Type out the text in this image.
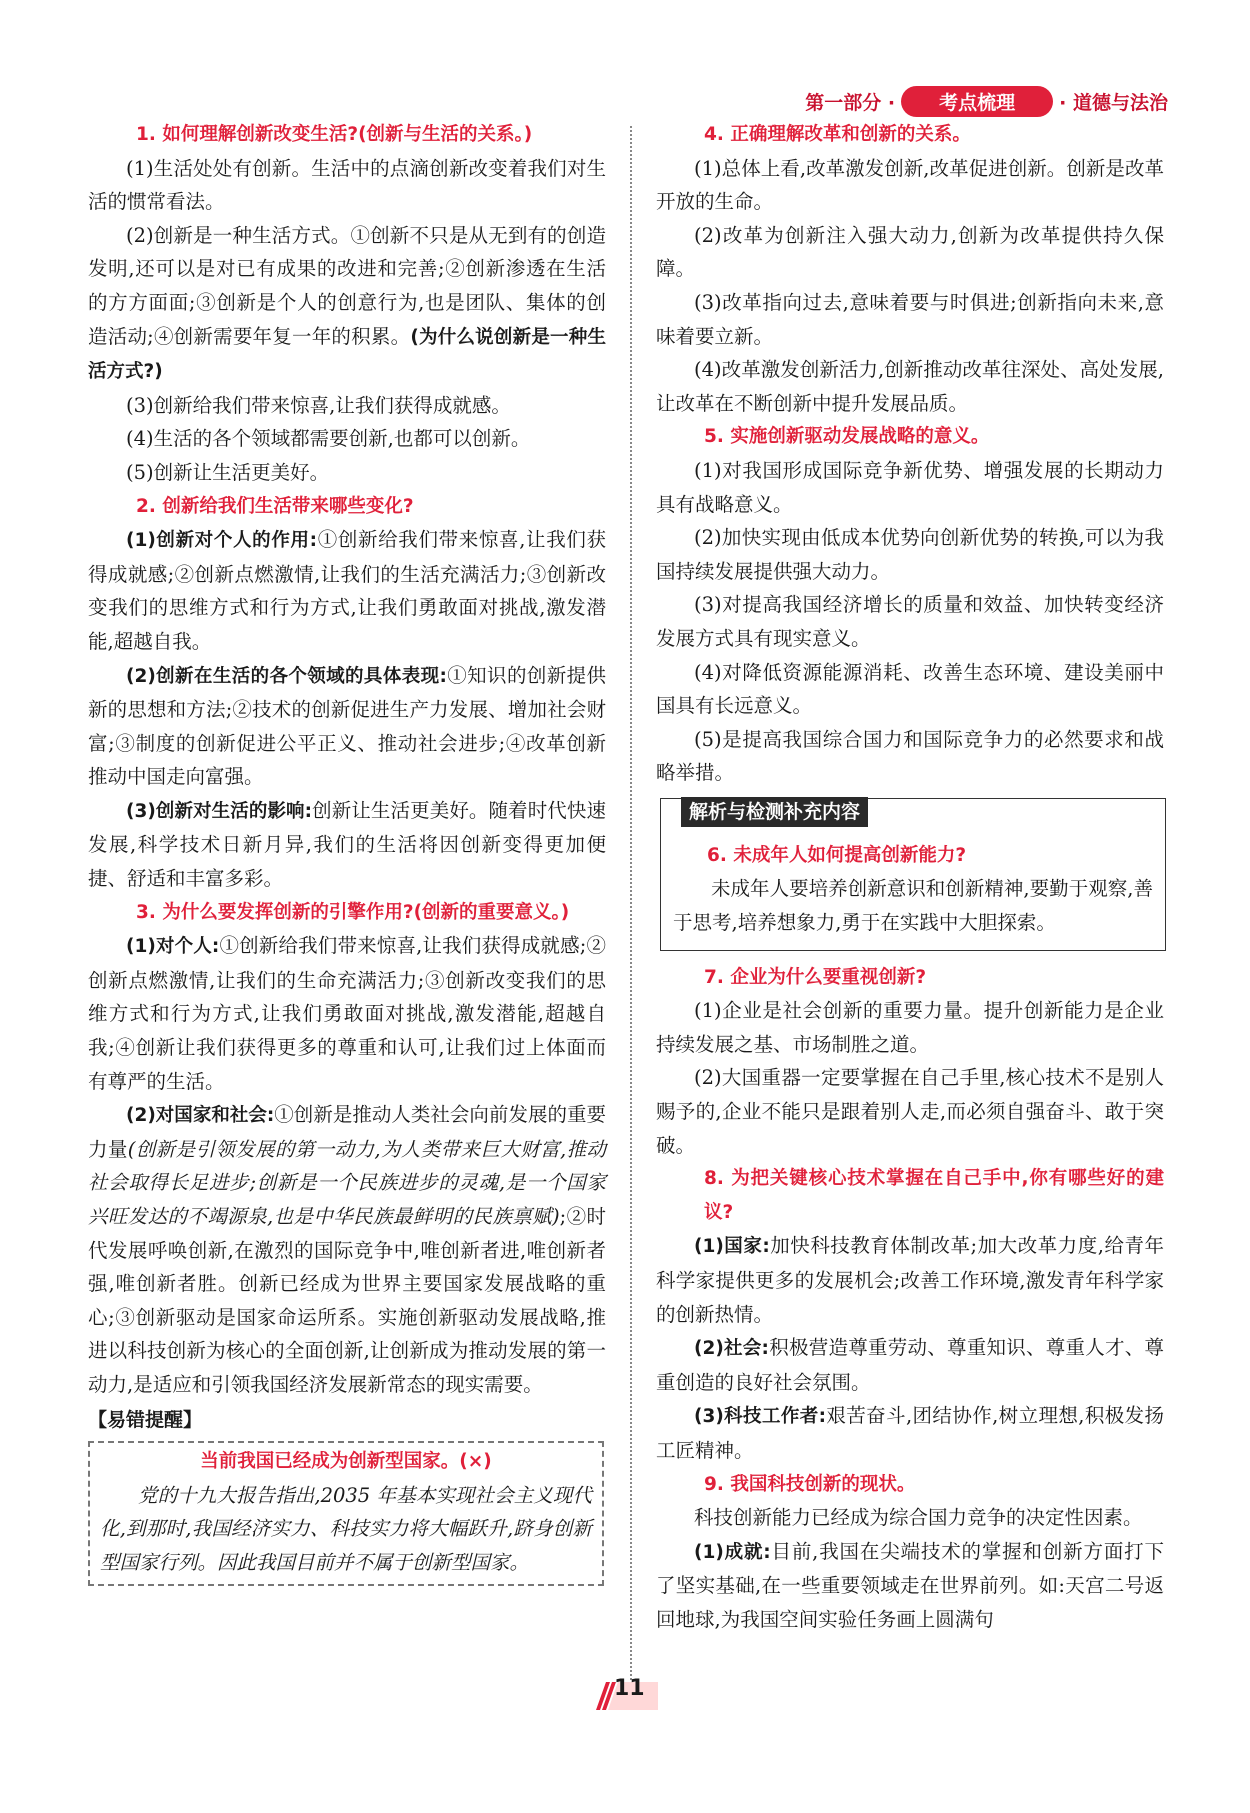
第一部分 ·	考点梳理	· 道德与法治
1. 如何理解创新改变生活?(创新与生活的关系。)

(1)生活处处有创新。生活中的点滴创新改变着我们对生活的惯常看法。

(2)创新是一种生活方式。①创新不只是从无到有的创造发明,还可以是对已有成果的改进和完善;②创新渗透在生活的方方面面;③创新是个人的创意行为,也是团队、集体的创造活动;④创新需要年复一年的积累。(为什么说创新是一种生活方式?)

(3)创新给我们带来惊喜,让我们获得成就感。

(4)生活的各个领域都需要创新,也都可以创新。

(5)创新让生活更美好。

2. 创新给我们生活带来哪些变化?

(1)创新对个人的作用:①创新给我们带来惊喜,让我们获得成就感;②创新点燃激情,让我们的生活充满活力;③创新改变我们的思维方式和行为方式,让我们勇敢面对挑战,激发潜能,超越自我。

(2)创新在生活的各个领域的具体表现:①知识的创新提供新的思想和方法;②技术的创新促进生产力发展、增加社会财富;③制度的创新促进公平正义、推动社会进步;④改革创新推动中国走向富强。

(3)创新对生活的影响:创新让生活更美好。随着时代快速发展,科学技术日新月异,我们的生活将因创新变得更加便捷、舒适和丰富多彩。

3. 为什么要发挥创新的引擎作用?(创新的重要意义。)

(1)对个人:①创新给我们带来惊喜,让我们获得成就感;②创新点燃激情,让我们的生命充满活力;③创新改变我们的思维方式和行为方式,让我们勇敢面对挑战,激发潜能,超越自我;④创新让我们获得更多的尊重和认可,让我们过上体面而有尊严的生活。

(2)对国家和社会:①创新是推动人类社会向前发展的重要力量(创新是引领发展的第一动力,为人类带来巨大财富,推动社会取得长足进步;创新是一个民族进步的灵魂,是一个国家兴旺发达的不竭源泉,也是中华民族最鲜明的民族禀赋);②时代发展呼唤创新,在激烈的国际竞争中,唯创新者进,唯创新者强,唯创新者胜。创新已经成为世界主要国家发展战略的重心;③创新驱动是国家命运所系。实施创新驱动发展战略,推进以科技创新为核心的全面创新,让创新成为推动发展的第一动力,是适应和引领我国经济发展新常态的现实需要。

【易错提醒】
当前我国已经成为创新型国家。(×)

党的十九大报告指出,2035 年基本实现社会主义现代化,到那时,我国经济实力、科技实力将大幅跃升,跻身创新型国家行列。因此我国目前并不属于创新型国家。

4. 正确理解改革和创新的关系。

(1)总体上看,改革激发创新,改革促进创新。创新是改革开放的生命。

(2)改革为创新注入强大动力,创新为改革提供持久保障。

(3)改革指向过去,意味着要与时俱进;创新指向未来,意味着要立新。

(4)改革激发创新活力,创新推动改革往深处、高处发展,让改革在不断创新中提升发展品质。

5. 实施创新驱动发展战略的意义。

(1)对我国形成国际竞争新优势、增强发展的长期动力具有战略意义。

(2)加快实现由低成本优势向创新优势的转换,可以为我国持续发展提供强大动力。

(3)对提高我国经济增长的质量和效益、加快转变经济发展方式具有现实意义。

(4)对降低资源能源消耗、改善生态环境、建设美丽中国具有长远意义。

(5)是提高我国综合国力和国际竞争力的必然要求和战略举措。

解析与检测补充内容
6. 未成年人如何提高创新能力?

未成年人要培养创新意识和创新精神,要勤于观察,善于思考,培养想象力,勇于在实践中大胆探索。

7. 企业为什么要重视创新?

(1)企业是社会创新的重要力量。提升创新能力是企业持续发展之基、市场制胜之道。

(2)大国重器一定要掌握在自己手里,核心技术不是别人赐予的,企业不能只是跟着别人走,而必须自强奋斗、敢于突破。

8. 为把关键核心技术掌握在自己手中,你有哪些好的建议?

(1)国家:加快科技教育体制改革;加大改革力度,给青年科学家提供更多的发展机会;改善工作环境,激发青年科学家的创新热情。

(2)社会:积极营造尊重劳动、尊重知识、尊重人才、尊重创造的良好社会氛围。

(3)科技工作者:艰苦奋斗,团结协作,树立理想,积极发扬工匠精神。

9. 我国科技创新的现状。

科技创新能力已经成为综合国力竞争的决定性因素。

(1)成就:目前,我国在尖端技术的掌握和创新方面打下了坚实基础,在一些重要领域走在世界前列。如:天宫二号返回地球,为我国空间实验任务画上圆满句

11
